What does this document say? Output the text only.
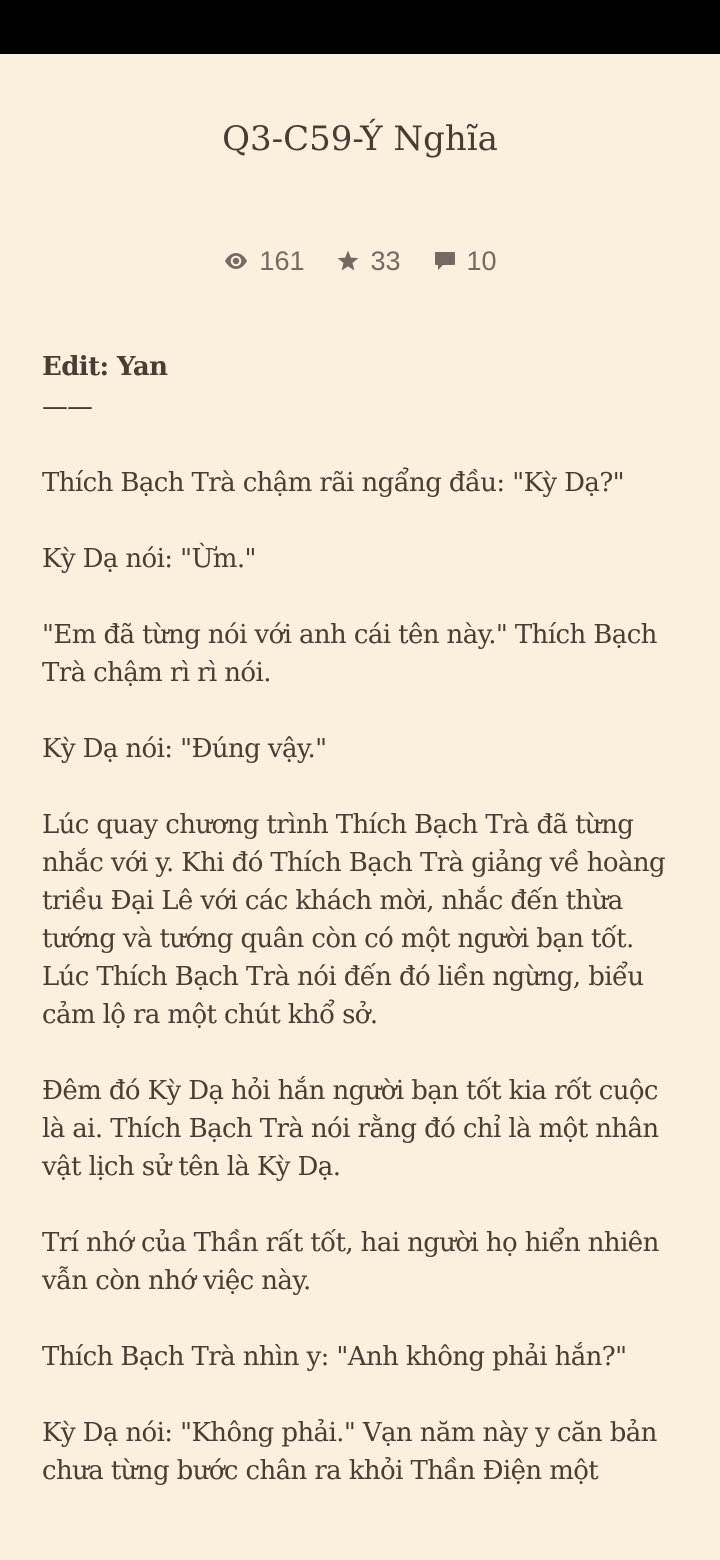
Q3-C59-Ý Nghĩa
161 33 10

Edit: Yan

——

Thích Bạch Trà chậm rãi ngẩng đầu: "Kỳ Dạ?"

Kỳ Dạ nói: "Ừm."

"Em đã từng nói với anh cái tên này." Thích Bạch Trà chậm rì rì nói.

Kỳ Dạ nói: "Đúng vậy."

Lúc quay chương trình Thích Bạch Trà đã từng nhắc với y. Khi đó Thích Bạch Trà giảng về hoàng triều Đại Lê với các khách mời, nhắc đến thừa tướng và tướng quân còn có một người bạn tốt. Lúc Thích Bạch Trà nói đến đó liền ngừng, biểu cảm lộ ra một chút khổ sở.

Đêm đó Kỳ Dạ hỏi hắn người bạn tốt kia rốt cuộc là ai. Thích Bạch Trà nói rằng đó chỉ là một nhân vật lịch sử tên là Kỳ Dạ.

Trí nhớ của Thần rất tốt, hai người họ hiển nhiên vẫn còn nhớ việc này.

Thích Bạch Trà nhìn y: "Anh không phải hắn?"

Kỳ Dạ nói: "Không phải." Vạn năm này y căn bản chưa từng bước chân ra khỏi Thần Điện một
